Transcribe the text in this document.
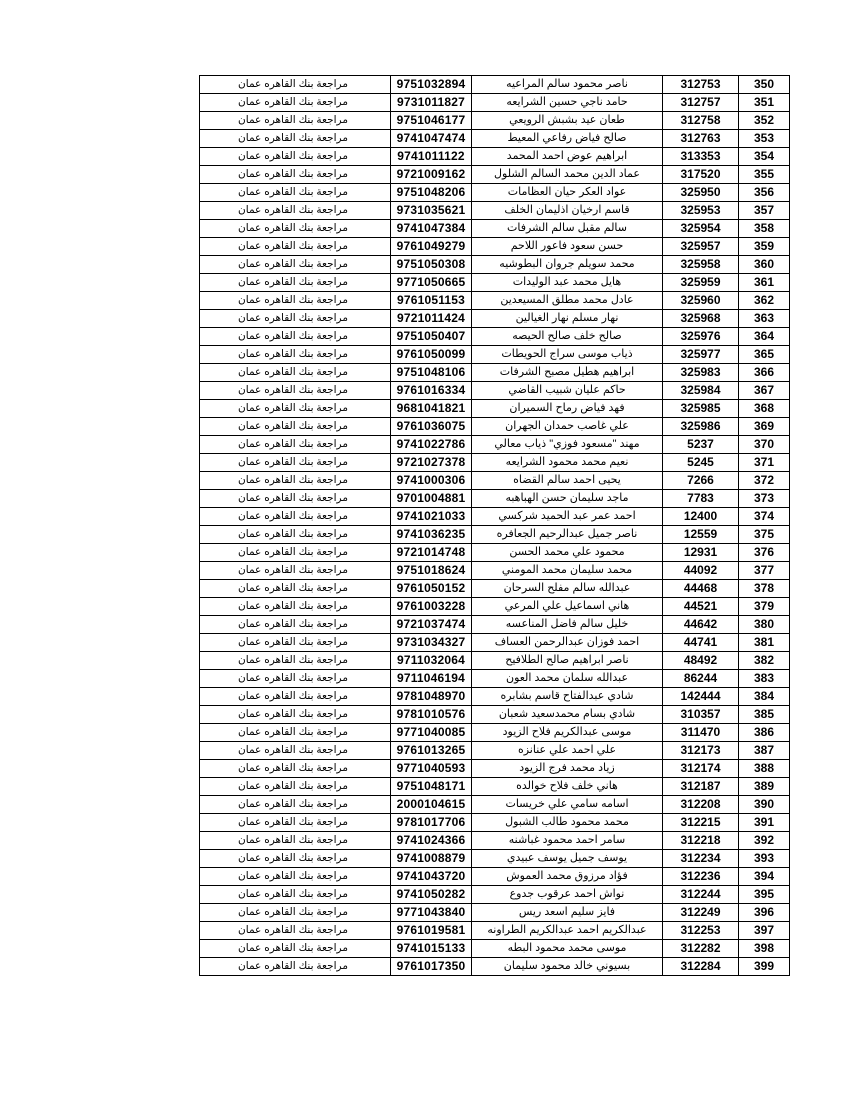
مراجعة بنك القاهره عمان		9751032894	ناصر محمود سالم المراعيه	312753	350
مراجعة بنك القاهره عمان		9731011827	حامد ناجي حسين الشرايعه	312757	351
مراجعة بنك القاهره عمان		9751046177	طعان عيد بشبش الرويعي	312758	352
مراجعة بنك القاهره عمان		9741047474	صالح فياض رفاعي المعيط	312763	353
مراجعة بنك القاهره عمان		9741011122	ابراهيم عوض احمد المحمد	313353	354
مراجعة بنك القاهره عمان		9721009162	عماد الدين محمد السالم الشلول	317520	355
مراجعة بنك القاهره عمان		9751048206	عواد العكر حيان العظامات	325950	356
مراجعة بنك القاهره عمان		9731035621	قاسم ارخيان اذليمان الخلف	325953	357
مراجعة بنك القاهره عمان		9741047384	سالم مقبل سالم الشرفات	325954	358
مراجعة بنك القاهره عمان		9761049279	حسن سعود فاعور اللاحم	325957	359
مراجعة بنك القاهره عمان		9751050308	محمد سويلم جروان البطوشيه	325958	360
مراجعة بنك القاهره عمان		9771050665	هايل محمد عبد الوليدات	325959	361
مراجعة بنك القاهره عمان		9761051153	عادل محمد مطلق المسيعدين	325960	362
مراجعة بنك القاهره عمان		9721011424	نهار مسلم نهار الغيالين	325968	363
مراجعة بنك القاهره عمان		9751050407	صالح خلف صالح الحيصه	325976	364
مراجعة بنك القاهره عمان		9761050099	ذياب موسى سراج الحويطات	325977	365
مراجعة بنك القاهره عمان		9751048106	ابراهيم هطيل مصبح الشرفات	325983	366
مراجعة بنك القاهره عمان		9761016334	حاكم عليان شبيب القاضي	325984	367
مراجعة بنك القاهره عمان		9681041821	فهد فياض رماح السميران	325985	368
مراجعة بنك القاهره عمان		9761036075	علي غاصب حمدان الجهران	325986	369
مراجعة بنك القاهره عمان		9741022786	مهند "مسعود فوزي" ذياب معالي	5237	370
مراجعة بنك القاهره عمان		9721027378	نعيم محمد محمود الشرايعه	5245	371
مراجعة بنك القاهره عمان		9741000306	يحيى احمد سالم القضاه	7266	372
مراجعة بنك القاهره عمان		9701004881	ماجد سليمان حسن الهباهبه	7783	373
مراجعة بنك القاهره عمان		9741021033	احمد عمر عبد الحميد شركسي	12400	374
مراجعة بنك القاهره عمان		9741036235	ناصر جميل عبدالرحيم الجعافره	12559	375
مراجعة بنك القاهره عمان		9721014748	محمود علي محمد الحسن	12931	376
مراجعة بنك القاهره عمان		9751018624	محمد سليمان محمد المومني	44092	377
مراجعة بنك القاهره عمان		9761050152	عبدالله سالم مفلح السرحان	44468	378
مراجعة بنك القاهره عمان		9761003228	هاني اسماعيل علي المرعي	44521	379
مراجعة بنك القاهره عمان		9721037474	خليل سالم فاضل المناعسه	44642	380
مراجعة بنك القاهره عمان		9731034327	احمد فوزان عبدالرحمن العساف	44741	381
مراجعة بنك القاهره عمان		9711032064	ناصر ابراهيم صالح الطلافيح	48492	382
مراجعة بنك القاهره عمان		9711046194	عبدالله سلمان محمد العون	86244	383
مراجعة بنك القاهره عمان		9781048970	شادي عبدالفتاح قاسم بشابره	142444	384
مراجعة بنك القاهره عمان		9781010576	شادي بسام محمدسعيد شعبان	310357	385
مراجعة بنك القاهره عمان		9771040085	موسى عبدالكريم فلاح الزيود	311470	386
مراجعة بنك القاهره عمان		9761013265	علي احمد علي عنانزه	312173	387
مراجعة بنك القاهره عمان		9771040593	زياد محمد فرج الزيود	312174	388
مراجعة بنك القاهره عمان		9751048171	هاني خلف فلاح خوالده	312187	389
مراجعة بنك القاهره عمان		2000104615	اسامه سامي علي خريسات	312208	390
مراجعة بنك القاهره عمان		9781017706	محمد محمود طالب الشبول	312215	391
مراجعة بنك القاهره عمان		9741024366	سامر احمد محمود غباشنه	312218	392
مراجعة بنك القاهره عمان		9741008879	يوسف جميل يوسف عبيدي	312234	393
مراجعة بنك القاهره عمان		9741043720	فؤاد مرزوق محمد العموش	312236	394
مراجعة بنك القاهره عمان		9741050282	نواش احمد عرقوب جدوع	312244	395
مراجعة بنك القاهره عمان		9771043840	فايز سليم اسعد ريس	312249	396
مراجعة بنك القاهره عمان		9761019581	عبدالكريم احمد عبدالكريم الطراونه	312253	397
مراجعة بنك القاهره عمان		9741015133	موسى محمد محمود البطه	312282	398
مراجعة بنك القاهره عمان		9761017350	بسيوني خالد محمود سليمان	312284	399
